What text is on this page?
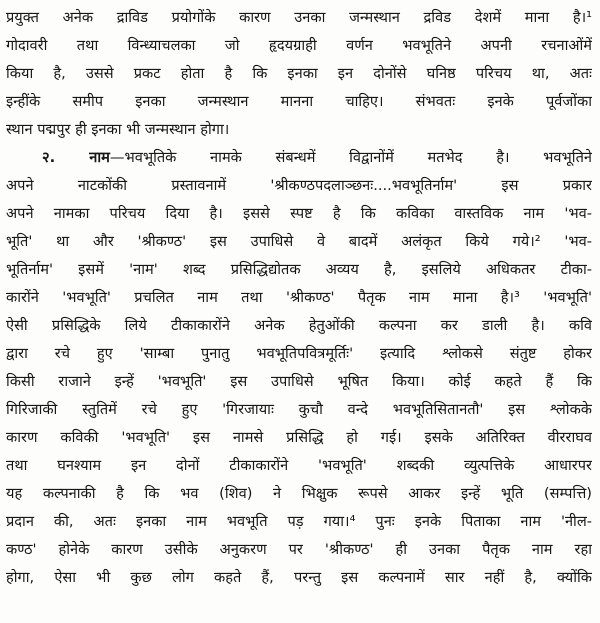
प्रयुक्त अनेक द्राविड प्रयोगोंके कारण उनका जन्मस्थान द्रविड देशमें माना है।¹
गोदावरी तथा विन्ध्याचलका जो हृदयग्राही वर्णन भवभूतिने अपनी रचनाओंमें
किया है, उससे प्रकट होता है कि इनका इन दोनोंसे घनिष्ठ परिचय था, अतः
इन्हींके समीप इनका जन्मस्थान मानना चाहिए। संभवतः इनके पूर्वजोंका
स्थान पद्मपुर ही इनका भी जन्मस्थान होगा।
२. नाम—भवभूतिके नामके संबन्धमें विद्वानोंमें मतभेद है। भवभूतिने
अपने नाटकोंकी प्रस्तावनामें 'श्रीकण्ठपदलाञ्छनः....भवभूतिर्नाम' इस प्रकार
अपने नामका परिचय दिया है। इससे स्पष्ट है कि कविका वास्तविक नाम 'भव-
भूति' था और 'श्रीकण्ठ' इस उपाधिसे वे बादमें अलंकृत किये गये।² 'भव-
भूतिर्नाम' इसमें 'नाम' शब्द प्रसिद्धिद्योतक अव्यय है, इसलिये अधिकतर टीका-
कारोंने 'भवभूति' प्रचलित नाम तथा 'श्रीकण्ठ' पैतृक नाम माना है।³ 'भवभूति'
ऐसी प्रसिद्धिके लिये टीकाकारोंने अनेक हेतुओंकी कल्पना कर डाली है। कवि
द्वारा रचे हुए 'साम्बा पुनातु भवभूतिपवित्रमूर्तिः' इत्यादि श्लोकसे संतुष्ट होकर
किसी राजाने इन्हें 'भवभूति' इस उपाधिसे भूषित किया। कोई कहते हैं कि
गिरिजाकी स्तुतिमें रचे हुए 'गिरजायाः कुचौ वन्दे भवभूतिसितानतौ' इस श्लोकके
कारण कविकी 'भवभूति' इस नामसे प्रसिद्धि हो गई। इसके अतिरिक्त वीरराघव
तथा घनश्याम इन दोनों टीकाकारोंने 'भवभूति' शब्दकी व्युत्पत्तिके आधारपर
यह कल्पनाकी है कि भव (शिव) ने भिक्षुक रूपसे आकर इन्हें भूति (सम्पत्ति)
प्रदान की, अतः इनका नाम भवभूति पड़ गया।⁴ पुनः इनके पिताका नाम 'नील-
कण्ठ' होनेके कारण उसीके अनुकरण पर 'श्रीकण्ठ' ही उनका पैतृक नाम रहा
होगा, ऐसा भी कुछ लोग कहते हैं, परन्तु इस कल्पनामें सार नहीं है, क्योंकि
